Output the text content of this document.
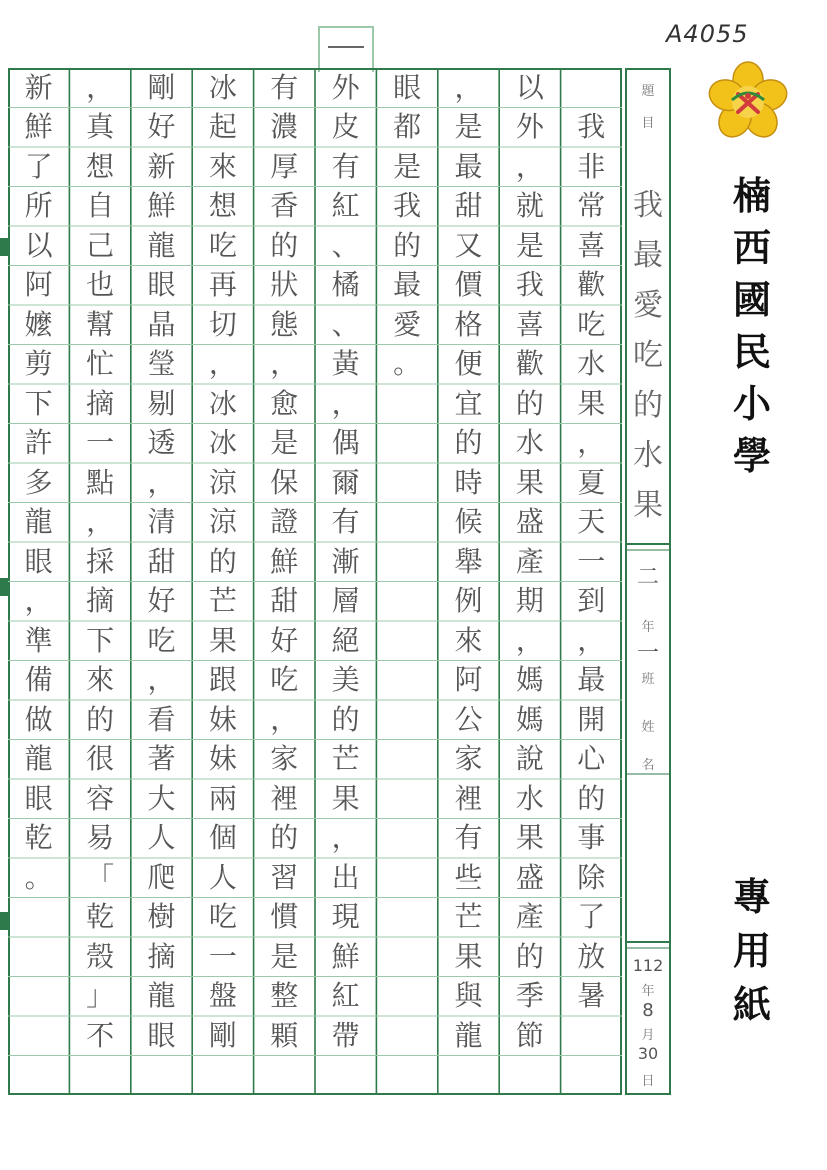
A4055
楠
西
國
民
小
學
專
用
紙
我
非
常
喜
歡
吃
水
果
，
夏
天
一
到
，
最
開
心
的
事
除
了
放
暑
以
外
，
就
是
我
喜
歡
的
水
果
盛
產
期
，
媽
媽
說
水
果
盛
產
的
季
節
，
是
最
甜
又
價
格
便
宜
的
時
候
舉
例
來
阿
公
家
裡
有
些
芒
果
與
龍
眼
都
是
我
的
最
愛
。
外
皮
有
紅
、
橘
、
黃
，
偶
爾
有
漸
層
絕
美
的
芒
果
，
出
現
鮮
紅
帶
有
濃
厚
香
的
狀
態
，
愈
是
保
證
鮮
甜
好
吃
，
家
裡
的
習
慣
是
整
顆
冰
起
來
想
吃
再
切
，
冰
冰
涼
涼
的
芒
果
跟
妹
妹
兩
個
人
吃
一
盤
剛
剛
好
新
鮮
龍
眼
晶
瑩
剔
透
，
清
甜
好
吃
，
看
著
大
人
爬
樹
摘
龍
眼
，
真
想
自
己
也
幫
忙
摘
一
點
，
採
摘
下
來
的
很
容
易
「
乾
殼
」
不
新
鮮
了
所
以
阿
嬤
剪
下
許
多
龍
眼
，
準
備
做
龍
眼
乾
。
題
目
我
最
愛
吃
的
水
果
二
年
一
班
姓
名
112
年
8
月
30
日
